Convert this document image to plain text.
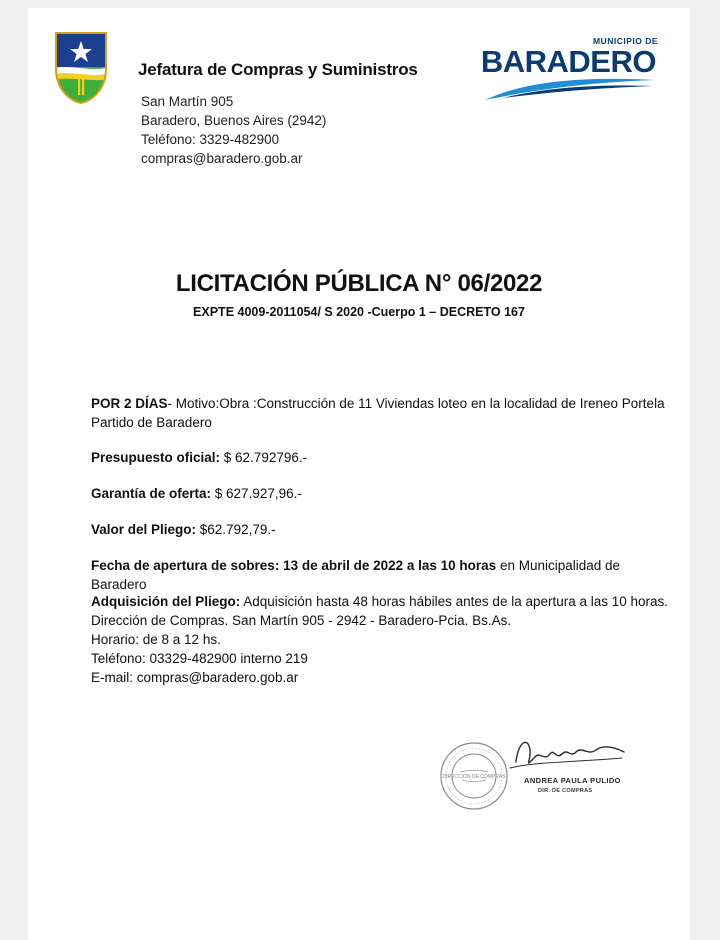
Jefatura de Compras y Suministros
San Martín 905
Baradero, Buenos Aires (2942)
Teléfono: 3329-482900
compras@baradero.gob.ar
MUNICIPIO DE
BARADERO
LICITACIÓN PÚBLICA N° 06/2022
EXPTE 4009-2011054/ S 2020 -Cuerpo 1 – DECRETO 167
POR 2 DÍAS- Motivo:Obra :Construcción de 11 Viviendas loteo en la localidad de Ireneo Portela Partido de Baradero
Presupuesto oficial: $ 62.792796.-
Garantía de oferta: $ 627.927,96.-
Valor del Pliego: $62.792,79.-
Fecha de apertura de sobres: 13 de abril de 2022 a las 10 horas en Municipalidad de Baradero
Adquisición del Pliego: Adquisición hasta 48 horas hábiles antes de la apertura a las 10 horas.
Dirección de Compras. San Martín 905 - 2942 - Baradero-Pcia. Bs.As.
Horario: de 8 a 12 hs.
Teléfono: 03329-482900 interno 219
E-mail: compras@baradero.gob.ar
DIRECCIÓN DE COMPRAS ANDREA PAULA PULIDO
DIR. DE COMPRAS
